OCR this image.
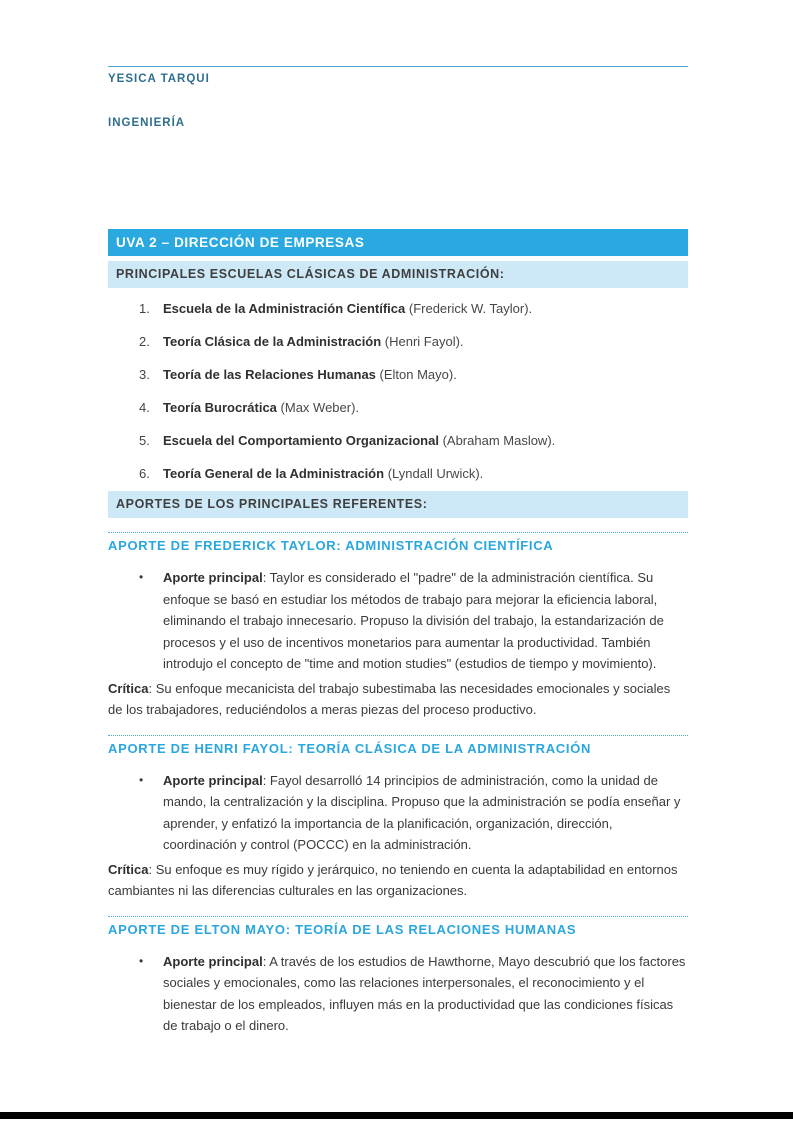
YESICA TARQUI
INGENIERÍA
UVA 2 – DIRECCIÓN DE EMPRESAS
PRINCIPALES ESCUELAS CLÁSICAS DE ADMINISTRACIÓN:
1.	Escuela de la Administración Científica (Frederick W. Taylor).
2.	Teoría Clásica de la Administración (Henri Fayol).
3.	Teoría de las Relaciones Humanas (Elton Mayo).
4.	Teoría Burocrática (Max Weber).
5.	Escuela del Comportamiento Organizacional (Abraham Maslow).
6.	Teoría General de la Administración (Lyndall Urwick).
APORTES DE LOS PRINCIPALES REFERENTES:
APORTE DE FREDERICK TAYLOR: ADMINISTRACIÓN CIENTÍFICA
•	Aporte principal: Taylor es considerado el "padre" de la administración científica. Su enfoque se basó en estudiar los métodos de trabajo para mejorar la eficiencia laboral, eliminando el trabajo innecesario. Propuso la división del trabajo, la estandarización de procesos y el uso de incentivos monetarios para aumentar la productividad. También introdujo el concepto de "time and motion studies" (estudios de tiempo y movimiento).

Crítica: Su enfoque mecanicista del trabajo subestimaba las necesidades emocionales y sociales de los trabajadores, reduciéndolos a meras piezas del proceso productivo.

APORTE DE HENRI FAYOL: TEORÍA CLÁSICA DE LA ADMINISTRACIÓN
•	Aporte principal: Fayol desarrolló 14 principios de administración, como la unidad de mando, la centralización y la disciplina. Propuso que la administración se podía enseñar y aprender, y enfatizó la importancia de la planificación, organización, dirección, coordinación y control (POCCC) en la administración.

Crítica: Su enfoque es muy rígido y jerárquico, no teniendo en cuenta la adaptabilidad en entornos cambiantes ni las diferencias culturales en las organizaciones.

APORTE DE ELTON MAYO: TEORÍA DE LAS RELACIONES HUMANAS
•	Aporte principal: A través de los estudios de Hawthorne, Mayo descubrió que los factores sociales y emocionales, como las relaciones interpersonales, el reconocimiento y el bienestar de los empleados, influyen más en la productividad que las condiciones físicas de trabajo o el dinero.
